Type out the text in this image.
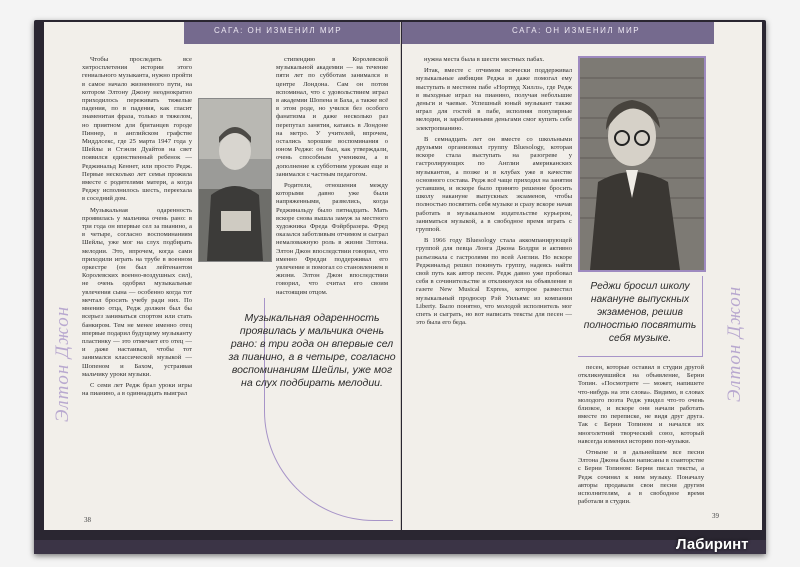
САГА: ОН ИЗМЕНИЛ МИР
Элтон Джон

Чтобы проследить все хитросплетения истории этого гениального музыканта, нужно пройти в самое начало жизненного пути, на котором Элтону Джону неоднократно приходилось переживать тяжелые падения, по в падения, как гласит знаменитая фраза, только в тяжелом, но приятном для британцев городе Пиннер, в английском графстве Миддлсекс, где 25 марта 1947 года у Шейлы и Стэнли Дуайтов на свет появился единственный ребенок — Реджинальд Кеннет, или просто Редж. Первые несколько лет семья прожила вместе с родителями матери, а когда Реджу исполнилось шесть, переехала в соседний дом.

Музыкальная одаренность проявилась у мальчика очень рано: в три года он впервые сел за пианино, а в четыре, согласно воспоминаниям Шейлы, уже мог на слух подбирать мелодии. Это, впрочем, когда сами приходили играть на трубе в военном оркестре (он был лейтенантом Королевских военно-воздушных сил), не очень одобрял музыкальные увлечения сына — особенно когда тот мечтал бросить учебу ради них. По мнению отца, Редж должен был бы всерьез заниматься спортом или стать банкиром. Тем не менее именно отец впервые подарил будущему музыканту пластинку — это отмечает его отец — и даже настаивал, чтобы тот занимался классической музыкой — Шопеном и Бахом, устраивая мальчику уроки музыки.

С семи лет Редж брал уроки игры на пианино, а в одиннадцать выиграл

стипендию в Королевской музыкальной академии — на течение пяти лет по субботам занимался в центре Лондона. Сам он потом вспоминал, что с удовольствием играл в академии Шопена и Баха, а также всё в этом роде, но учился без особого фанатизма и даже несколько раз перепутал занятия, катаясь в Лондоне на метро. У учителей, впрочем, остались хорошие воспоминания о юном Редже: он был, как утверждали, очень способным учеником, а в дополнение к субботним урокам еще и занимался с частным педагогом.

Родители, отношения между которыми давно уже были напряженными, развелись, когда Реджинальду было пятнадцать. Мать вскоре снова вышла замуж за местного художника Фреда Фэйрбразера. Фред оказался заботливым отчимом и сыграл немаловажную роль в жизни Элтона. Элтон Джон впоследствии говорил, что именно Фредди поддерживал его увлечение и помогал со становлением в жизни. Элтон Джон впоследствии говорил, что считал его своим настоящим отцом.

Музыкальная одаренность проявилась у мальчика очень рано: в три года он впервые сел за пианино, а в четыре, согласно воспоминаниям Шейлы, уже мог на слух подбирать мелодии.
38
САГА: ОН ИЗМЕНИЛ МИР

нужна места была в шести местных пабах.

Итак, вместе с отчимом всячески поддерживал музыкальные амбиции Реджа и даже помогал ему выступать в местном пабе «Нортвуд Хиллз», где Редж в выходные играл на пианино, получая небольшие деньги и чаевые. Успешный юный музыкант также играл для гостей в пабе, исполняя популярные мелодии, и заработанными деньгами смог купить себе электропианино.

В семнадцать лет он вместе со школьными друзьями организовал группу Bluesology, которая вскоре стала выступать на разогреве у гастролирующих по Англии американских музыкантов, а позже и в клубах уже в качестве основного состава. Редж всё чаще приходил на занятия уставшим, и вскоре было принято решение бросить школу накануне выпускных экзаменов, чтобы полностью посвятить себя музыке и сразу вскоре начав работать в музыкальном издательстве курьером, заниматься музыкой, а в свободное время играть с группой.

В 1966 году Bluesology стала аккомпанирующей группой для певца Лонга Джона Болдри и активно разъезжала с гастролями по всей Англии. Но вскоре Реджинальд решил покинуть группу, надеясь найти свой путь как автор песен. Редж давно уже пробовал себя в сочинительстве и откликнулся на объявление в газете New Musical Express, которое разместил музыкальный продюсер Рэй Уильямс из компании Liberty. Было понятно, что молодой исполнитель мог спеть и сыграть, но вот написать тексты для песен — это была его беда.

Реджи бросил школу накануне выпускных экзаменов, решив полностью посвятить себя музыке.

песен, которые оставил в студии другой откликнувшийся на объявление, Берни Топин. «Посмотрите — может, напишете что-нибудь на эти слова». Видимо, в словах молодого поэта Редж увидел что-то очень близкое, и вскоре они начали работать вместе по переписке, не видя друг друга. Так с Берни Топином и начался их многолетний творческий союз, который навсегда изменил историю поп-музыки.

Отныне и в дальнейшем все песни Элтона Джона были написаны в соавторстве с Берни Топином: Берни писал тексты, а Редж сочинял к ним музыку. Поначалу авторы продавали свои песни другим исполнителям, а в свободное время работали в студии.

Элтон Джон
39
Лабиринт
